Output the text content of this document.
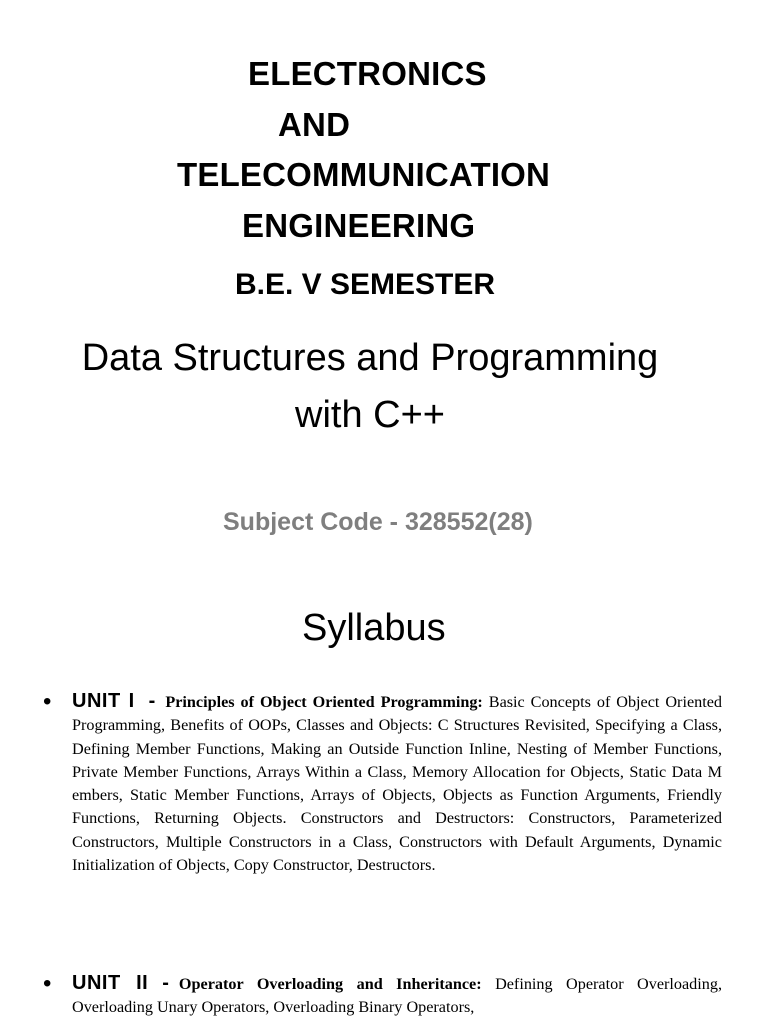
ELECTRONICS
AND
TELECOMMUNICATION
ENGINEERING
B.E. V SEMESTER
Data Structures and Programming
with C++
Subject Code - 328552(28)
Syllabus
• UNIT I - Principles of Object Oriented Programming: Basic Concepts of Object Oriented Programming, Benefits of OOPs, Classes and Objects: C Structures Revisited, Specifying a Class, Defining Member Functions, Making an Outside Function Inline, Nesting of Member Functions, Private Member Functions, Arrays Within a Class, Memory Allocation for Objects, Static Data M embers, Static Member Functions, Arrays of Objects, Objects as Function Arguments, Friendly Functions, Returning Objects. Constructors and Destructors: Constructors, Parameterized Constructors, Multiple Constructors in a Class, Constructors with Default Arguments, Dynamic Initialization of Objects, Copy Constructor, Destructors.
• UNIT II - Operator Overloading and Inheritance: Defining Operator Overloading, Overloading Unary Operators, Overloading Binary Operators,
